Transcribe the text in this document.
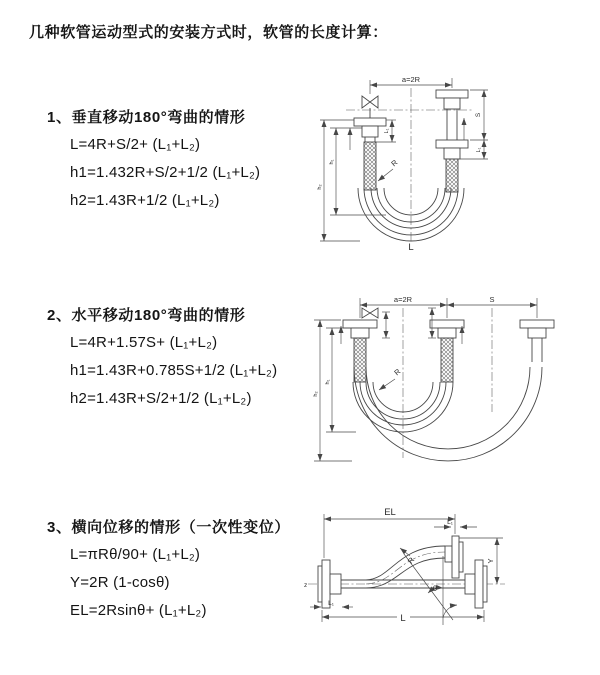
几种软管运动型式的安装方式时，软管的长度计算：
1、垂直移动180°弯曲的情形
L=4R+S/2+ (L₁+L₂)
h1=1.432R+S/2+1/2 (L₁+L₂)
h2=1.43R+1/2 (L₁+L₂)
2、水平移动180°弯曲的情形
L=4R+1.57S+ (L₁+L₂)
h1=1.43R+0.785S+1/2 (L₁+L₂)
h2=1.43R+S/2+1/2 (L₁+L₂)
3、横向位移的情形（一次性变位）
L=πRθ/90+ (L₁+L₂)
Y=2R (1-cosθ)
EL=2Rsinθ+ (L₁+L₂)
a=2R
L₁
S
L₁
h₂
h₁	R
L
a=2R	S
h₂
h₁
R
z
EL
L₁
Y
θ
R
L₁
L
